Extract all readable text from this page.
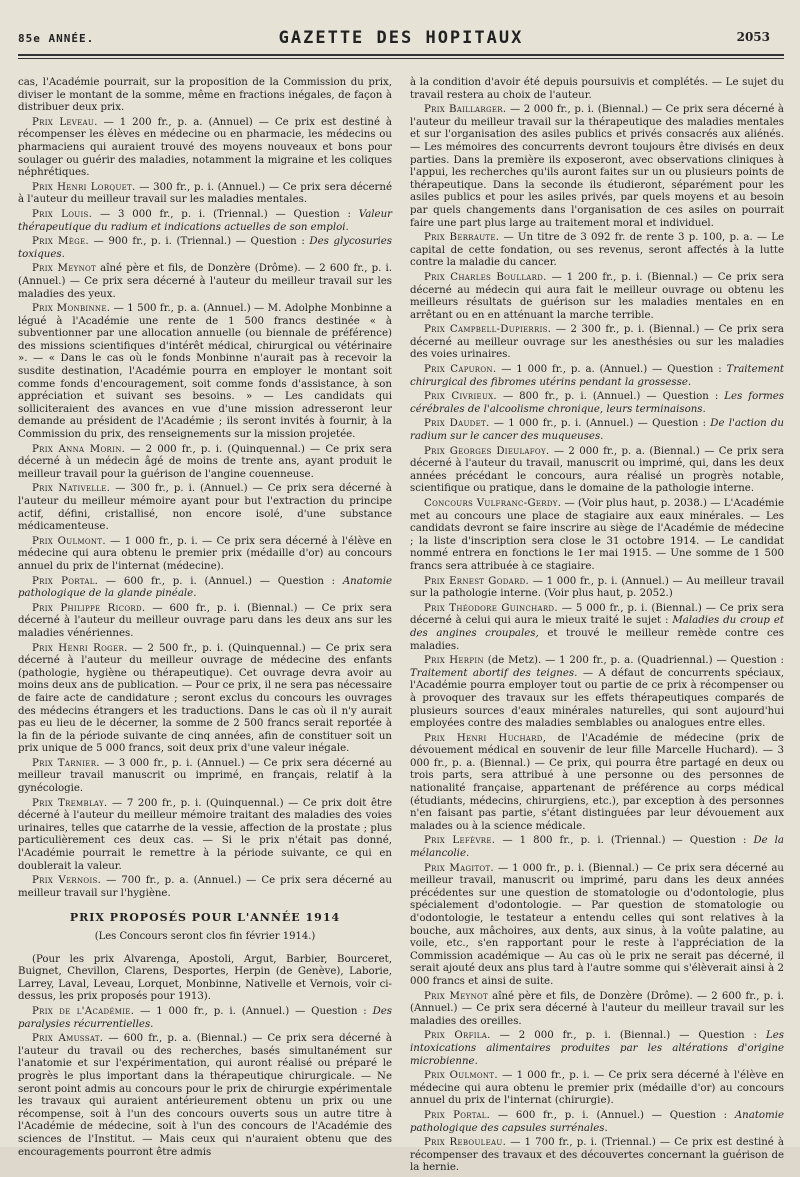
85e ANNÉE.	GAZETTE DES HOPITAUX	2053

cas, l'Académie pourrait, sur la proposition de la Commission du prix, diviser le montant de la somme, même en fractions inégales, de façon à distribuer deux prix.

Prix Leveau. — 1 200 fr., p. a. (Annuel) — Ce prix est destiné à récompenser les élèves en médecine ou en pharmacie, les médecins ou pharmaciens qui auraient trouvé des moyens nouveaux et bons pour soulager ou guérir des maladies, notamment la migraine et les coliques néphrétiques.

Prix Henri Lorquet. — 300 fr., p. i. (Annuel.) — Ce prix sera décerné à l'auteur du meilleur travail sur les maladies mentales.

Prix Louis. — 3 000 fr., p. i. (Triennal.) — Question : Valeur thérapeutique du radium et indications actuelles de son emploi.

Prix Mège. — 900 fr., p. i. (Triennal.) — Question : Des glycosuries toxiques.

Prix Meynot aîné père et fils, de Donzère (Drôme). — 2 600 fr., p. i. (Annuel.) — Ce prix sera décerné à l'auteur du meilleur travail sur les maladies des yeux.

Prix Monbinne. — 1 500 fr., p. a. (Annuel.) — M. Adolphe Monbinne a légué à l'Académie une rente de 1 500 francs destinée « à subventionner par une allocation annuelle (ou biennale de préférence) des missions scientifiques d'intérêt médical, chirurgical ou vétérinaire ». — « Dans le cas où le fonds Monbinne n'aurait pas à recevoir la susdite destination, l'Académie pourra en employer le montant soit comme fonds d'encouragement, soit comme fonds d'assistance, à son appréciation et suivant ses besoins. » — Les candidats qui solliciteraient des avances en vue d'une mission adresseront leur demande au président de l'Académie ; ils seront invités à fournir, à la Commission du prix, des renseignements sur la mission projetée.

Prix Anna Morin. — 2 000 fr., p. i. (Quinquennal.) — Ce prix sera décerné à un médecin âgé de moins de trente ans, ayant produit le meilleur travail pour la guérison de l'angine couenneuse.

Prix Nativelle. — 300 fr., p. i. (Annuel.) — Ce prix sera décerné à l'auteur du meilleur mémoire ayant pour but l'extraction du principe actif, défini, cristallisé, non encore isolé, d'une substance médicamenteuse.

Prix Oulmont. — 1 000 fr., p. i. — Ce prix sera décerné à l'élève en médecine qui aura obtenu le premier prix (médaille d'or) au concours annuel du prix de l'internat (médecine).

Prix Portal. — 600 fr., p. i. (Annuel.) — Question : Anatomie pathologique de la glande pinéale.

Prix Philippe Ricord. — 600 fr., p. i. (Biennal.) — Ce prix sera décerné à l'auteur du meilleur ouvrage paru dans les deux ans sur les maladies vénériennes.

Prix Henri Roger. — 2 500 fr., p. i. (Quinquennal.) — Ce prix sera décerné à l'auteur du meilleur ouvrage de médecine des enfants (pathologie, hygiène ou thérapeutique). Cet ouvrage devra avoir au moins deux ans de publication. — Pour ce prix, il ne sera pas nécessaire de faire acte de candidature ; seront exclus du concours les ouvrages des médecins étrangers et les traductions. Dans le cas où il n'y aurait pas eu lieu de le décerner, la somme de 2 500 francs serait reportée à la fin de la période suivante de cinq années, afin de constituer soit un prix unique de 5 000 francs, soit deux prix d'une valeur inégale.

Prix Tarnier. — 3 000 fr., p. i. (Annuel.) — Ce prix sera décerné au meilleur travail manuscrit ou imprimé, en français, relatif à la gynécologie.

Prix Tremblay. — 7 200 fr., p. i. (Quinquennal.) — Ce prix doit être décerné à l'auteur du meilleur mémoire traitant des maladies des voies urinaires, telles que catarrhe de la vessie, affection de la prostate ; plus particulièrement ces deux cas. — Si le prix n'était pas donné, l'Académie pourrait le remettre à la période suivante, ce qui en doublerait la valeur.

Prix Vernois. — 700 fr., p. a. (Annuel.) — Ce prix sera décerné au meilleur travail sur l'hygiène.

PRIX PROPOSÉS POUR L'ANNÉE 1914
(Les Concours seront clos fin février 1914.)

(Pour les prix Alvarenga, Apostoli, Argut, Barbier, Bourceret, Buignet, Chevillon, Clarens, Desportes, Herpin (de Genève), Laborie, Larrey, Laval, Leveau, Lorquet, Monbinne, Nativelle et Vernois, voir ci-dessus, les prix proposés pour 1913).

Prix de l'Académie. — 1 000 fr., p. i. (Annuel.) — Question : Des paralysies récurrentielles.

Prix Amussat. — 600 fr., p. a. (Biennal.) — Ce prix sera décerné à l'auteur du travail ou des recherches, basés simultanément sur l'anatomie et sur l'expérimentation, qui auront réalisé ou préparé le progrès le plus important dans la thérapeutique chirurgicale. — Ne seront point admis au concours pour le prix de chirurgie expérimentale les travaux qui auraient antérieurement obtenu un prix ou une récompense, soit à l'un des concours ouverts sous un autre titre à l'Académie de médecine, soit à l'un des concours de l'Académie des sciences de l'Institut. — Mais ceux qui n'auraient obtenu que des encouragements pourront être admis

à la condition d'avoir été depuis poursuivis et complétés. — Le sujet du travail restera au choix de l'auteur.

Prix Baillarger. — 2 000 fr., p. i. (Biennal.) — Ce prix sera décerné à l'auteur du meilleur travail sur la thérapeutique des maladies mentales et sur l'organisation des asiles publics et privés consacrés aux aliénés. — Les mémoires des concurrents devront toujours être divisés en deux parties. Dans la première ils exposeront, avec observations cliniques à l'appui, les recherches qu'ils auront faites sur un ou plusieurs points de thérapeutique. Dans la seconde ils étudieront, séparément pour les asiles publics et pour les asiles privés, par quels moyens et au besoin par quels changements dans l'organisation de ces asiles on pourrait faire une part plus large au traitement moral et individuel.

Prix Berraute. — Un titre de 3 092 fr. de rente 3 p. 100, p. a. — Le capital de cette fondation, ou ses revenus, seront affectés à la lutte contre la maladie du cancer.

Prix Charles Boullard. — 1 200 fr., p. i. (Biennal.) — Ce prix sera décerné au médecin qui aura fait le meilleur ouvrage ou obtenu les meilleurs résultats de guérison sur les maladies mentales en en arrêtant ou en en atténuant la marche terrible.

Prix Campbell-Dupierris. — 2 300 fr., p. i. (Biennal.) — Ce prix sera décerné au meilleur ouvrage sur les anesthésies ou sur les maladies des voies urinaires.

Prix Capuron. — 1 000 fr., p. a. (Annuel.) — Question : Traitement chirurgical des fibromes utérins pendant la grossesse.

Prix Civrieux. — 800 fr., p. i. (Annuel.) — Question : Les formes cérébrales de l'alcoolisme chronique, leurs terminaisons.

Prix Daudet. — 1 000 fr., p. i. (Annuel.) — Question : De l'action du radium sur le cancer des muqueuses.

Prix Georges Dieulafoy. — 2 000 fr., p. a. (Biennal.) — Ce prix sera décerné à l'auteur du travail, manuscrit ou imprimé, qui, dans les deux années précédant le concours, aura réalisé un progrès notable, scientifique ou pratique, dans le domaine de la pathologie interne.

Concours Vulfranc-Gerdy. — (Voir plus haut, p. 2038.) — L'Académie met au concours une place de stagiaire aux eaux minérales. — Les candidats devront se faire inscrire au siège de l'Académie de médecine ; la liste d'inscription sera close le 31 octobre 1914. — Le candidat nommé entrera en fonctions le 1er mai 1915. — Une somme de 1 500 francs sera attribuée à ce stagiaire.

Prix Ernest Godard. — 1 000 fr., p. i. (Annuel.) — Au meilleur travail sur la pathologie interne. (Voir plus haut, p. 2052.)

Prix Théodore Guinchard. — 5 000 fr., p. i. (Biennal.) — Ce prix sera décerné à celui qui aura le mieux traité le sujet : Maladies du croup et des angines croupales, et trouvé le meilleur remède contre ces maladies.

Prix Herpin (de Metz). — 1 200 fr., p. a. (Quadriennal.) — Question : Traitement abortif des teignes. — A défaut de concurrents spéciaux, l'Académie pourra employer tout ou partie de ce prix à récompenser ou à provoquer des travaux sur les effets thérapeutiques comparés de plusieurs sources d'eaux minérales naturelles, qui sont aujourd'hui employées contre des maladies semblables ou analogues entre elles.

Prix Henri Huchard, de l'Académie de médecine (prix de dévouement médical en souvenir de leur fille Marcelle Huchard). — 3 000 fr., p. a. (Biennal.) — Ce prix, qui pourra être partagé en deux ou trois parts, sera attribué à une personne ou des personnes de nationalité française, appartenant de préférence au corps médical (étudiants, médecins, chirurgiens, etc.), par exception à des personnes n'en faisant pas partie, s'étant distinguées par leur dévouement aux malades ou à la science médicale.

Prix Lefèvre. — 1 800 fr., p. i. (Triennal.) — Question : De la mélancolie.

Prix Magitot. — 1 000 fr., p. i. (Biennal.) — Ce prix sera décerné au meilleur travail, manuscrit ou imprimé, paru dans les deux années précédentes sur une question de stomatologie ou d'odontologie, plus spécialement d'odontologie. — Par question de stomatologie ou d'odontologie, le testateur a entendu celles qui sont relatives à la bouche, aux mâchoires, aux dents, aux sinus, à la voûte palatine, au voile, etc., s'en rapportant pour le reste à l'appréciation de la Commission académique — Au cas où le prix ne serait pas décerné, il serait ajouté deux ans plus tard à l'autre somme qui s'élèverait ainsi à 2 000 francs et ainsi de suite.

Prix Meynot aîné père et fils, de Donzère (Drôme). — 2 600 fr., p. i. (Annuel.) — Ce prix sera décerné à l'auteur du meilleur travail sur les maladies des oreilles.

Prix Orfila. — 2 000 fr., p. i. (Biennal.) — Question : Les intoxications alimentaires produites par les altérations d'origine microbienne.

Prix Oulmont. — 1 000 fr., p. i. — Ce prix sera décerné à l'élève en médecine qui aura obtenu le premier prix (médaille d'or) au concours annuel du prix de l'internat (chirurgie).

Prix Portal. — 600 fr., p. i. (Annuel.) — Question : Anatomie pathologique des capsules surrénales.

Prix Rebouleau. — 1 700 fr., p. i. (Triennal.) — Ce prix est destiné à récompenser des travaux et des découvertes concernant la guérison de la hernie.
